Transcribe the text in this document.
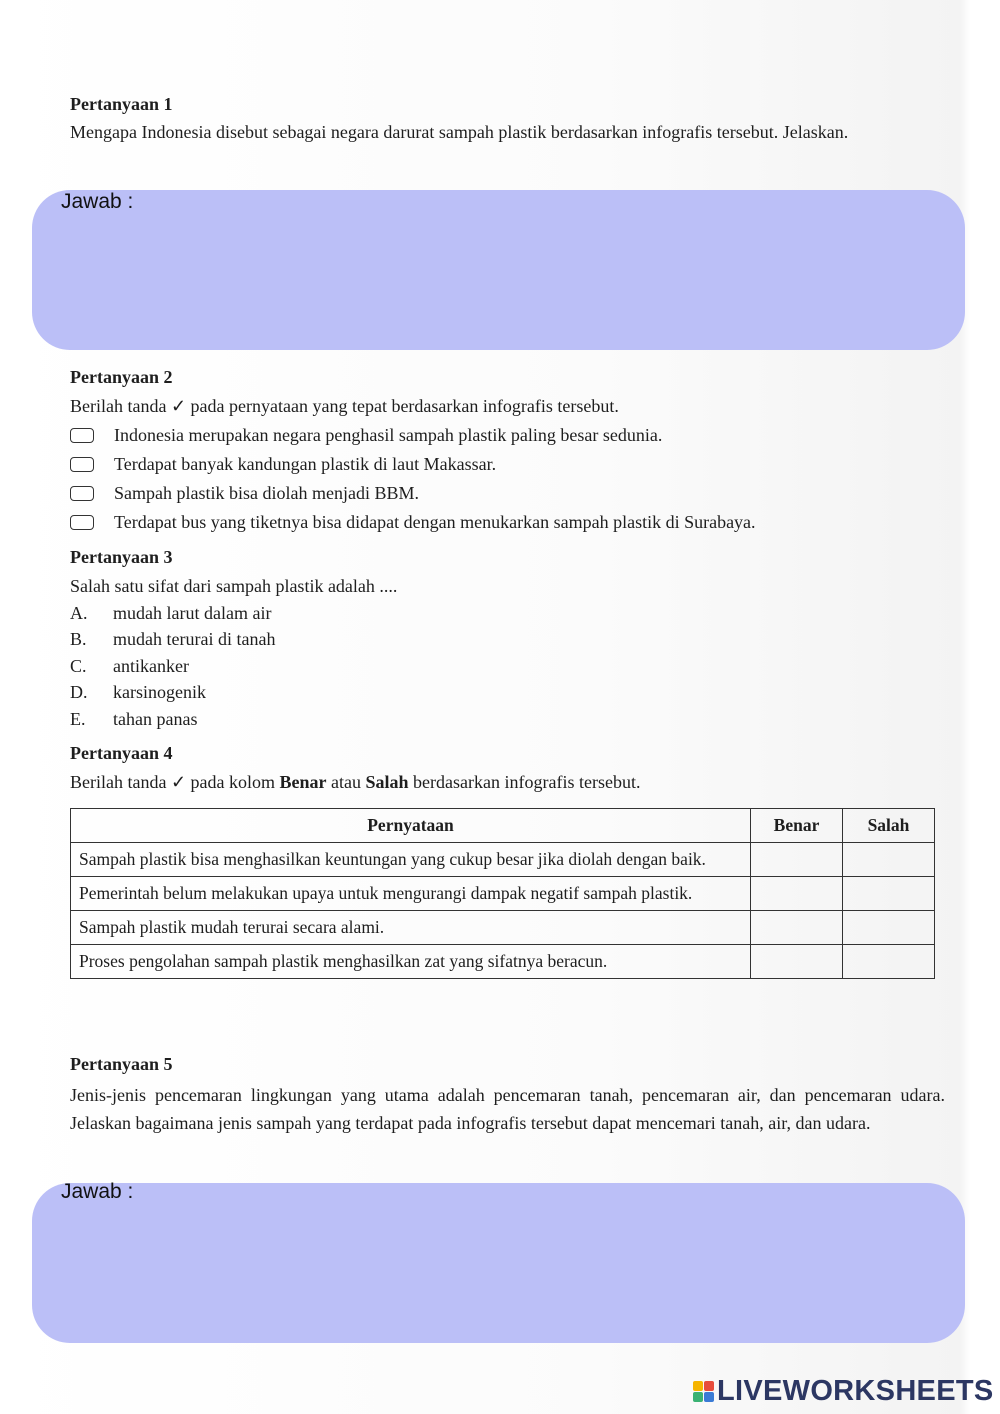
Pertanyaan 1
Mengapa Indonesia disebut sebagai negara darurat sampah plastik berdasarkan infografis tersebut. Jelaskan.
Jawab :
Pertanyaan 2
Berilah tanda ✓ pada pernyataan yang tepat berdasarkan infografis tersebut.
Indonesia merupakan negara penghasil sampah plastik paling besar sedunia.
Terdapat banyak kandungan plastik di laut Makassar.
Sampah plastik bisa diolah menjadi BBM.
Terdapat bus yang tiketnya bisa didapat dengan menukarkan sampah plastik di Surabaya.
Pertanyaan 3
Salah satu sifat dari sampah plastik adalah ....
A.	mudah larut dalam air
B.	mudah terurai di tanah
C.	antikanker
D.	karsinogenik
E.	tahan panas
Pertanyaan 4
Berilah tanda ✓ pada kolom Benar atau Salah berdasarkan infografis tersebut.
Pernyataan	Benar	Salah
Sampah plastik bisa menghasilkan keuntungan yang cukup besar jika diolah dengan baik.		
Pemerintah belum melakukan upaya untuk mengurangi dampak negatif sampah plastik.		
Sampah plastik mudah terurai secara alami.		
Proses pengolahan sampah plastik menghasilkan zat yang sifatnya beracun.		
Pertanyaan 5
Jenis-jenis pencemaran lingkungan yang utama adalah pencemaran tanah, pencemaran air, dan pencemaran udara. Jelaskan bagaimana jenis sampah yang terdapat pada infografis tersebut dapat mencemari tanah, air, dan udara.
Jawab :
LIVEWORKSHEETS
